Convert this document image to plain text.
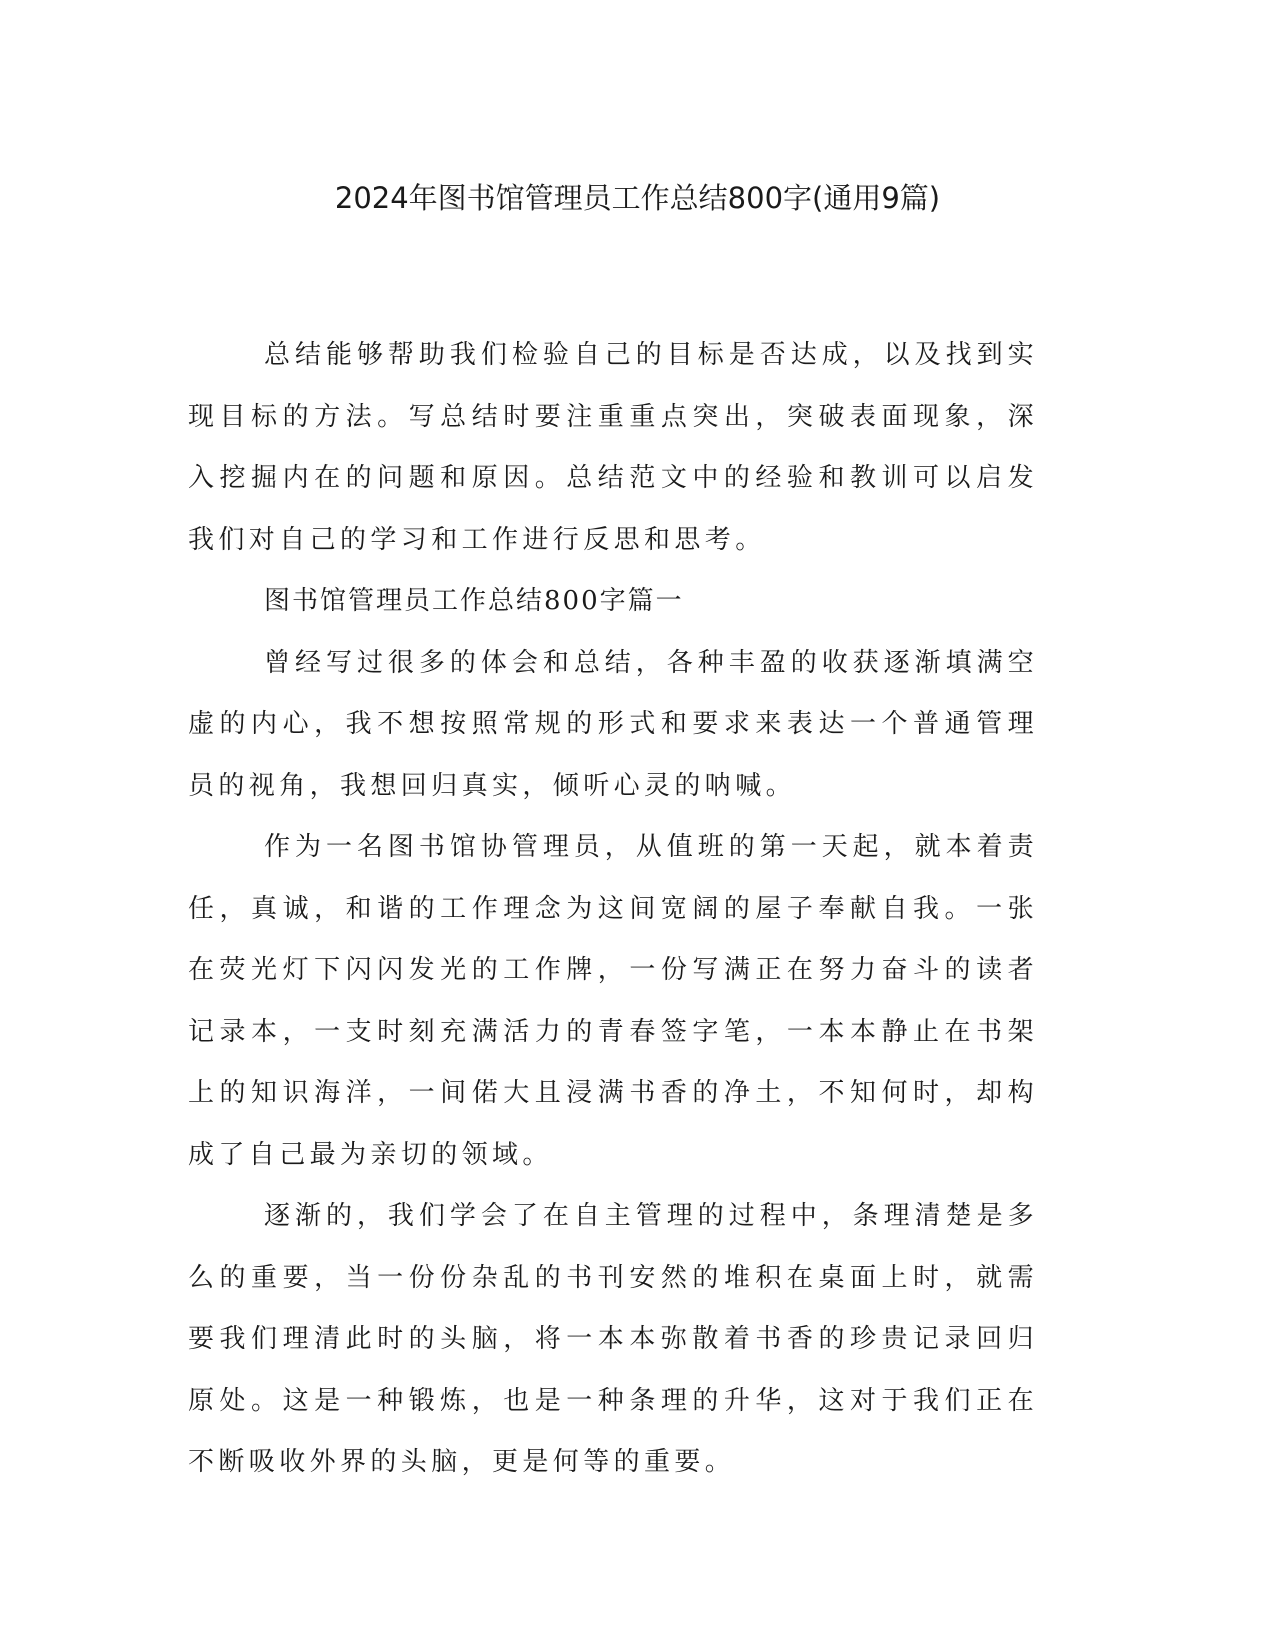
2024年图书馆管理员工作总结800字(通用9篇)

总结能够帮助我们检验自己的目标是否达成，以及找到实现目标的方法。写总结时要注重重点突出，突破表面现象，深入挖掘内在的问题和原因。总结范文中的经验和教训可以启发我们对自己的学习和工作进行反思和思考。

图书馆管理员工作总结800字篇一

曾经写过很多的体会和总结，各种丰盈的收获逐渐填满空虚的内心，我不想按照常规的形式和要求来表达一个普通管理员的视角，我想回归真实，倾听心灵的呐喊。

作为一名图书馆协管理员，从值班的第一天起，就本着责任，真诚，和谐的工作理念为这间宽阔的屋子奉献自我。一张在荧光灯下闪闪发光的工作牌，一份写满正在努力奋斗的读者记录本，一支时刻充满活力的青春签字笔，一本本静止在书架上的知识海洋，一间偌大且浸满书香的净土，不知何时，却构成了自己最为亲切的领域。

逐渐的，我们学会了在自主管理的过程中，条理清楚是多么的重要，当一份份杂乱的书刊安然的堆积在桌面上时，就需要我们理清此时的头脑，将一本本弥散着书香的珍贵记录回归原处。这是一种锻炼，也是一种条理的升华，这对于我们正在不断吸收外界的头脑，更是何等的重要。
